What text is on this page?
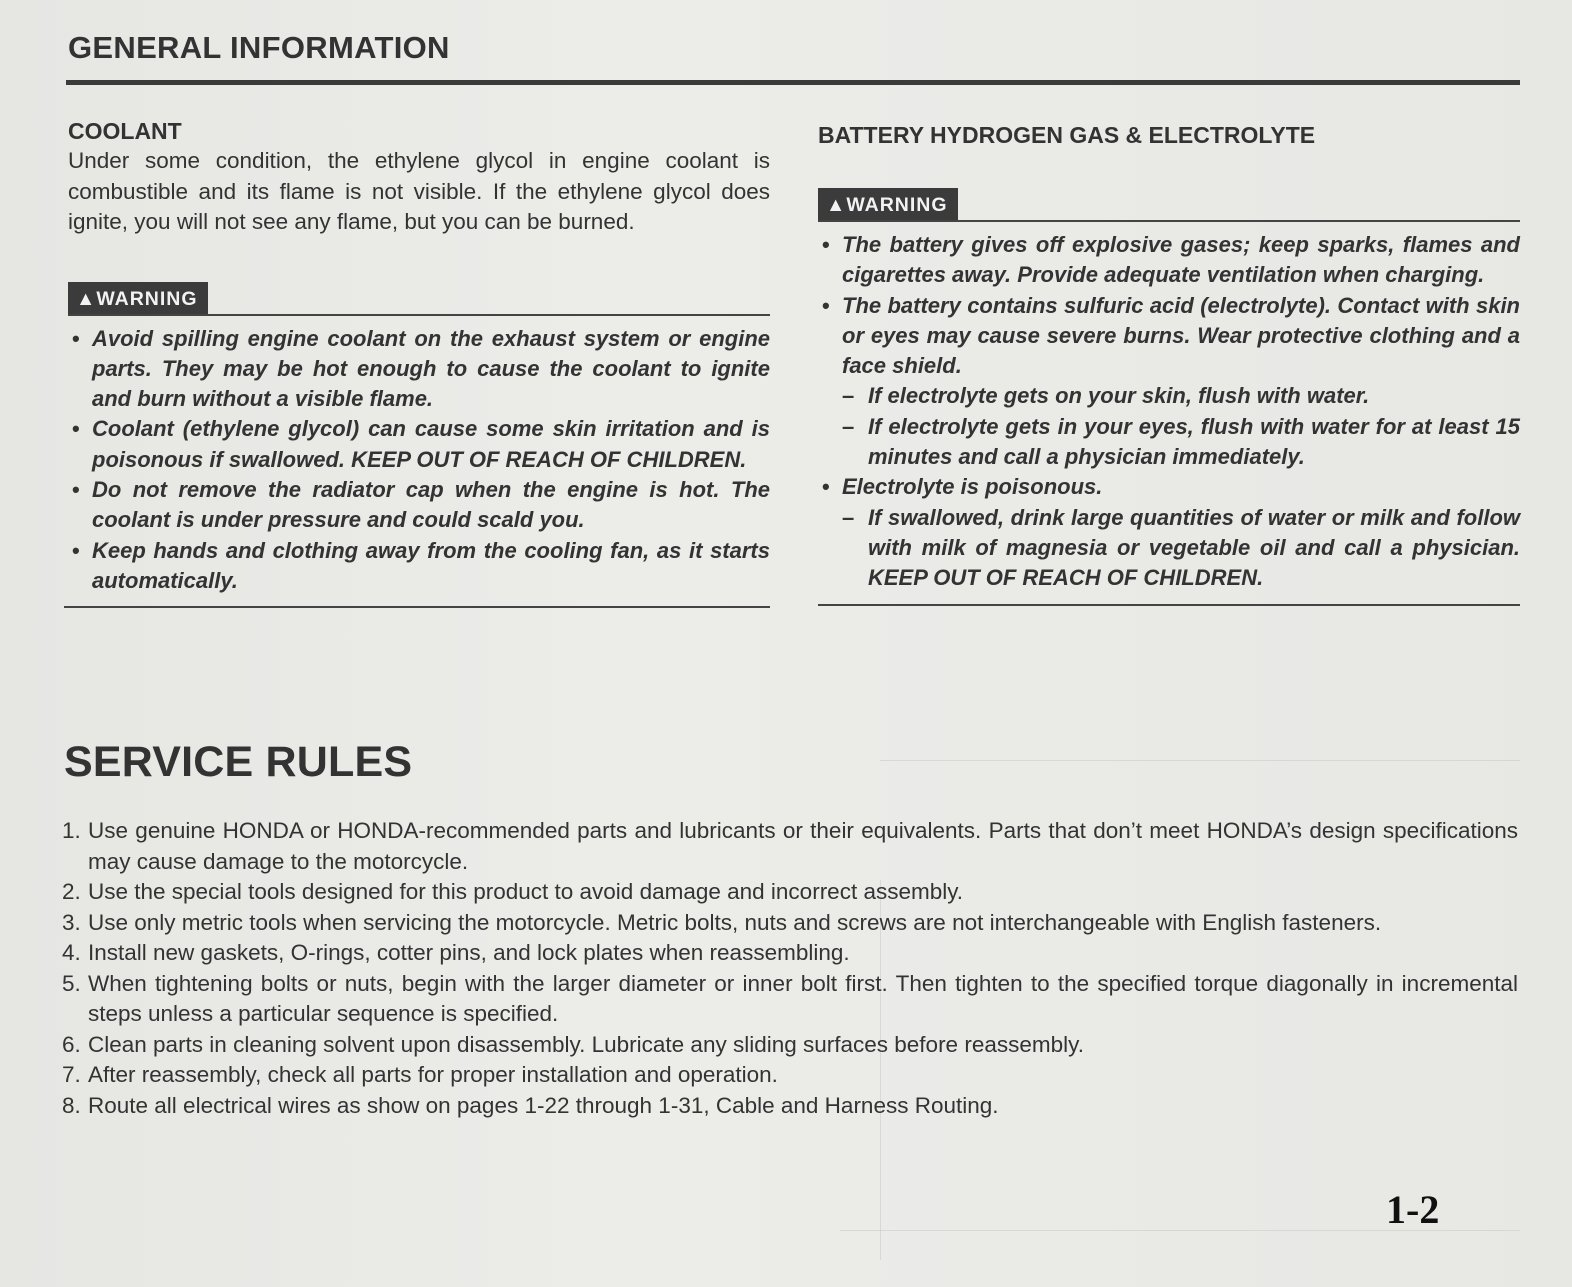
GENERAL INFORMATION
COOLANT
Under some condition, the ethylene glycol in engine coolant is combustible and its flame is not visible. If the ethylene glycol does ignite, you will not see any flame, but you can be burned.
▲WARNING
• Avoid spilling engine coolant on the exhaust system or engine parts. They may be hot enough to cause the coolant to ignite and burn without a visible flame.
• Coolant (ethylene glycol) can cause some skin irritation and is poisonous if swallowed. KEEP OUT OF REACH OF CHILDREN.
• Do not remove the radiator cap when the engine is hot. The coolant is under pressure and could scald you.
• Keep hands and clothing away from the cooling fan, as it starts automatically.
BATTERY HYDROGEN GAS & ELECTROLYTE
▲WARNING
• The battery gives off explosive gases; keep sparks, flames and cigarettes away. Provide adequate ventilation when charging.
• The battery contains sulfuric acid (electrolyte). Contact with skin or eyes may cause severe burns. Wear protective clothing and a face shield.
– If electrolyte gets on your skin, flush with water.
– If electrolyte gets in your eyes, flush with water for at least 15 minutes and call a physician immediately.
• Electrolyte is poisonous.
– If swallowed, drink large quantities of water or milk and follow with milk of magnesia or vegetable oil and call a physician. KEEP OUT OF REACH OF CHILDREN.
SERVICE RULES
1. Use genuine HONDA or HONDA-recommended parts and lubricants or their equivalents. Parts that don’t meet HONDA’s design specifications may cause damage to the motorcycle.
2. Use the special tools designed for this product to avoid damage and incorrect assembly.
3. Use only metric tools when servicing the motorcycle. Metric bolts, nuts and screws are not interchangeable with English fasteners.
4. Install new gaskets, O-rings, cotter pins, and lock plates when reassembling.
5. When tightening bolts or nuts, begin with the larger diameter or inner bolt first. Then tighten to the specified torque diagonally in incremental steps unless a particular sequence is specified.
6. Clean parts in cleaning solvent upon disassembly. Lubricate any sliding surfaces before reassembly.
7. After reassembly, check all parts for proper installation and operation.
8. Route all electrical wires as show on pages 1-22 through 1-31, Cable and Harness Routing.
1-2
